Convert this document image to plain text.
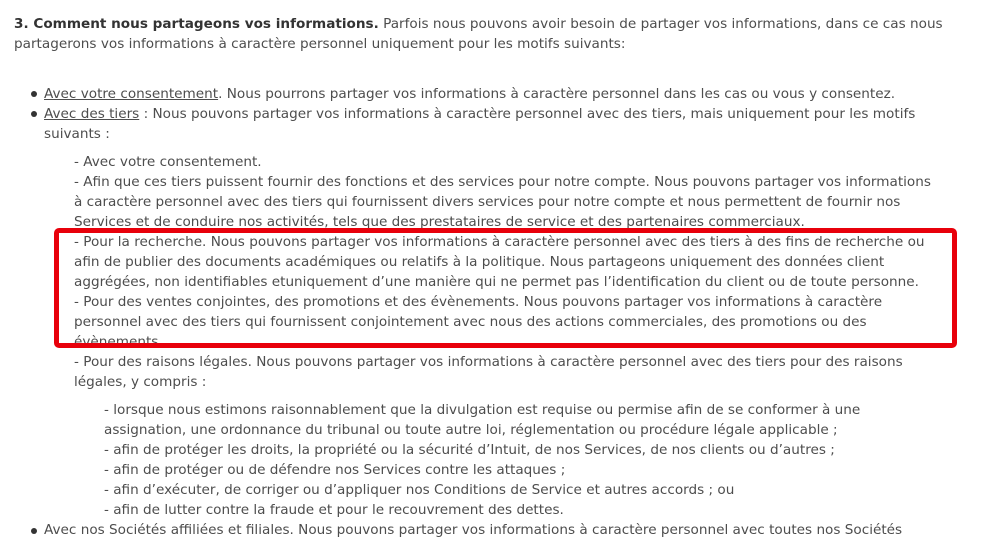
3. Comment nous partageons vos informations. Parfois nous pouvons avoir besoin de partager vos informations, dans ce cas nous
partagerons vos informations à caractère personnel uniquement pour les motifs suivants:
Avec votre consentement. Nous pourrons partager vos informations à caractère personnel dans les cas ou vous y consentez.
Avec des tiers : Nous pouvons partager vos informations à caractère personnel avec des tiers, mais uniquement pour les motifs
suivants :
- Avec votre consentement.
- Afin que ces tiers puissent fournir des fonctions et des services pour notre compte. Nous pouvons partager vos informations
à caractère personnel avec des tiers qui fournissent divers services pour notre compte et nous permettent de fournir nos
Services et de conduire nos activités, tels que des prestataires de service et des partenaires commerciaux.
- Pour la recherche. Nous pouvons partager vos informations à caractère personnel avec des tiers à des fins de recherche ou
afin de publier des documents académiques ou relatifs à la politique. Nous partageons uniquement des données client
aggrégées, non identifiables etuniquement d’une manière qui ne permet pas l’identification du client ou de toute personne.
- Pour des ventes conjointes, des promotions et des évènements. Nous pouvons partager vos informations à caractère
personnel avec des tiers qui fournissent conjointement avec nous des actions commerciales, des promotions ou des
évènements.
- Pour des raisons légales. Nous pouvons partager vos informations à caractère personnel avec des tiers pour des raisons
légales, y compris :
- lorsque nous estimons raisonnablement que la divulgation est requise ou permise afin de se conformer à une
assignation, une ordonnance du tribunal ou toute autre loi, réglementation ou procédure légale applicable ;
- afin de protéger les droits, la propriété ou la sécurité d’Intuit, de nos Services, de nos clients ou d’autres ;
- afin de protéger ou de défendre nos Services contre les attaques ;
- afin d’exécuter, de corriger ou d’appliquer nos Conditions de Service et autres accords ; ou
- afin de lutter contre la fraude et pour le recouvrement des dettes.
Avec nos Sociétés affiliées et filiales. Nous pouvons partager vos informations à caractère personnel avec toutes nos Sociétés
